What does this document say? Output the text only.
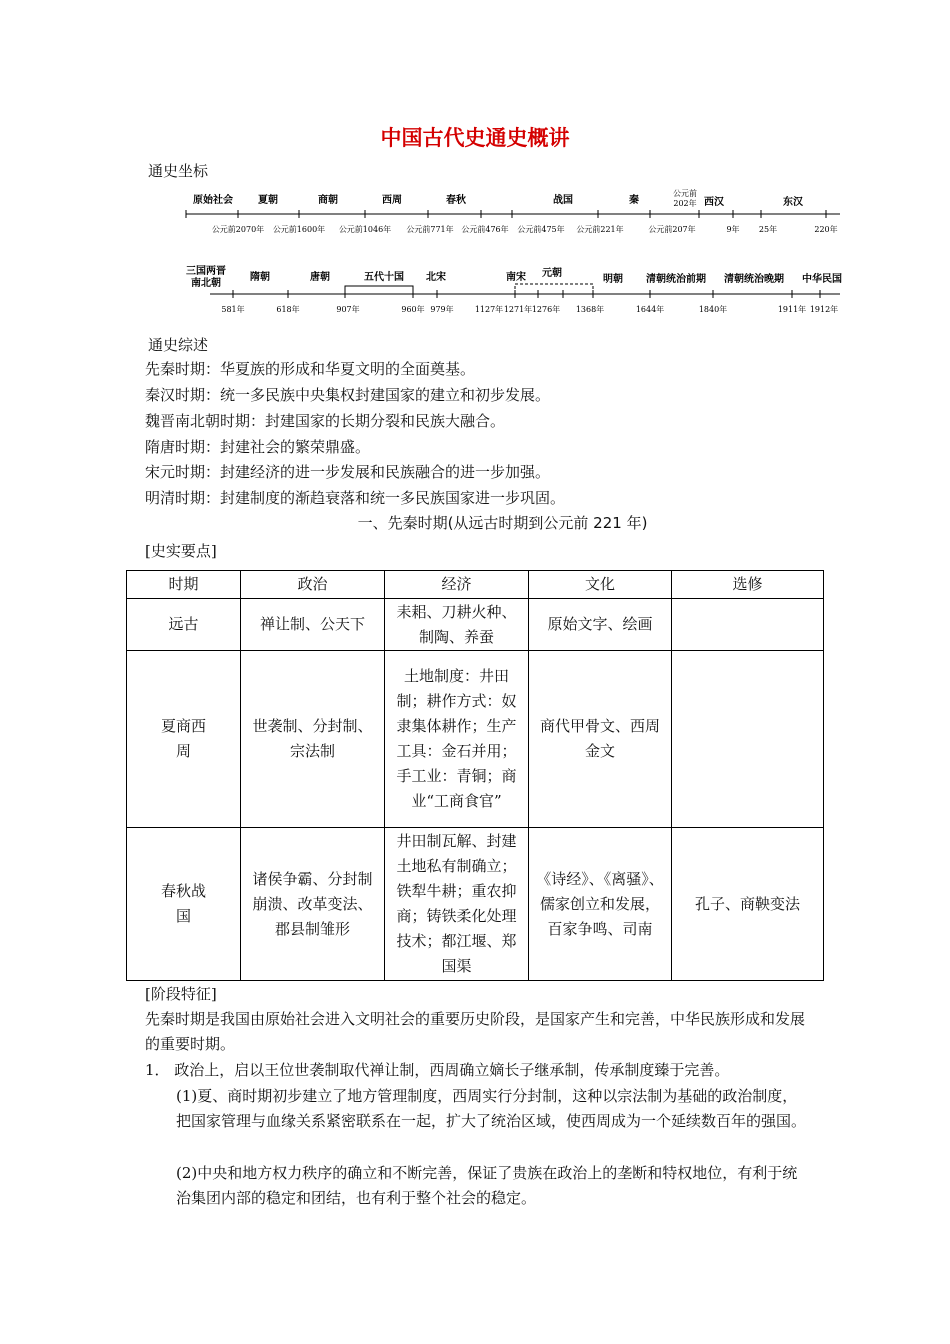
中国古代史通史概讲
通史坐标
原始社会	夏朝	商朝	西周	春秋	战国	秦
公元前
202年 西汉	东汉
公元前2070年 公元前1600年 公元前1046年 公元前771年 公元前476年 公元前475年 公元前221年	公元前207年	9年 25年	220年
三国两晋
南北朝
隋朝	唐朝	五代十国 北宋	南宋 元朝
明朝 清朝统治前期 清朝统治晚期 中华民国
581年	618年	907年	960年 979年	1127年 1271年 1276年 1368年	1644年	1840年	1911年 1912年
通史综述
先秦时期：华夏族的形成和华夏文明的全面奠基。
秦汉时期：统一多民族中央集权封建国家的建立和初步发展。
魏晋南北朝时期：封建国家的长期分裂和民族大融合。
隋唐时期：封建社会的繁荣鼎盛。
宋元时期：封建经济的进一步发展和民族融合的进一步加强。
明清时期：封建制度的渐趋衰落和统一多民族国家进一步巩固。
一、先秦时期(从远古时期到公元前 221 年)
[史实要点]
时期	政治	经济	文化	选修
远古	禅让制、公天下	耒耜、刀耕火种、制陶、养蚕	原始文字、绘画	
夏商西周	世袭制、分封制、宗法制	土地制度：井田制；耕作方式：奴隶集体耕作；生产工具：金石并用；手工业：青铜；商业“工商食官”	商代甲骨文、西周金文	
春秋战国	诸侯争霸、分封制崩溃、改革变法、郡县制雏形	井田制瓦解、封建土地私有制确立；铁犁牛耕；重农抑商；铸铁柔化处理技术；都江堰、郑国渠	《诗经》、《离骚》、儒家创立和发展，百家争鸣、司南	孔子、商鞅变法
[阶段特征]
先秦时期是我国由原始社会进入文明社会的重要历史阶段，是国家产生和完善，中华民族形成和发展的重要时期。
1． 政治上，启以王位世袭制取代禅让制，西周确立嫡长子继承制，传承制度臻于完善。
(1)夏、商时期初步建立了地方管理制度，西周实行分封制，这种以宗法制为基础的政治制度，把国家管理与血缘关系紧密联系在一起，扩大了统治区域，使西周成为一个延续数百年的强国。
(2)中央和地方权力秩序的确立和不断完善，保证了贵族在政治上的垄断和特权地位，有利于统治集团内部的稳定和团结，也有利于整个社会的稳定。
